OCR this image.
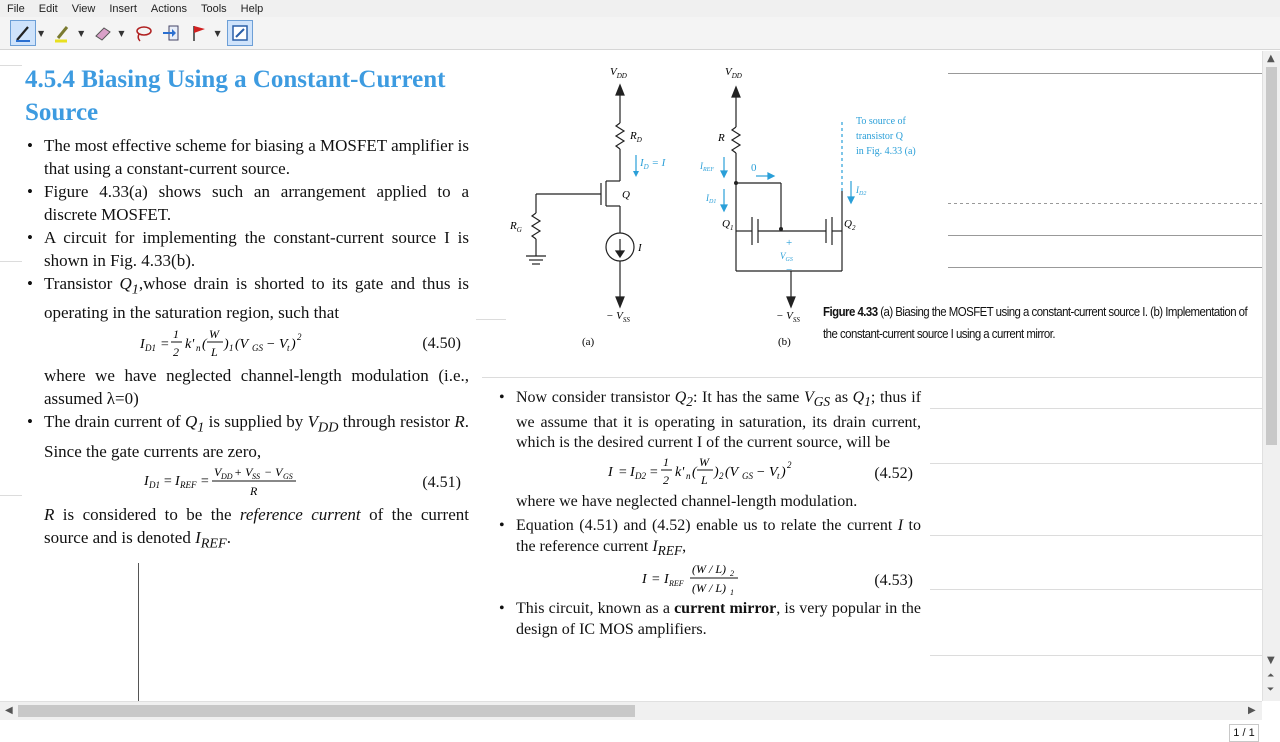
File	Edit	View	Insert	Actions	Tools	Help
▼	▼	▼	▼
4.5.4 Biasing Using a Constant-Current Source
• The most effective scheme for biasing a MOSFET amplifier is that using a constant-current source.
• Figure 4.33(a) shows such an arrangement applied to a discrete MOSFET.
• A circuit for implementing the constant-current source I is shown in Fig. 4.33(b).
• Transistor $Q_1,whose$ drain is shorted to its gate and thus is operating in the saturation region, such that
I D1 =
1
2 k' n (
W
L ) 1 (V GS − V t ) 2	(4.50)
where we have neglected channel-length modulation (i.e., assumed λ=0)
• The drain current of $Q_1$ is supplied by $V_{DD}$ through resistor R. Since the gate currents are zero,
I D1 = I REF =
V DD + V SS − V GS
R	(4.51)
R is considered to be the reference current of the current source and is denoted $I_{REF}$.
$V_{DD}$
$R_D$
$I_D = I$
Q
$R_G$
I
− $V_{SS}$
(a)
$V_{DD}$
R
$I_{REF}$	0
$I_{D1}$
$I_{D2}$
$Q_1$	$Q_2$
+
$V_{GS}$
−
− $V_{SS}$
(b)
To source of
transistor Q
in Fig. 4.33 (a)
Figure 4.33 (a) Biasing the MOSFET using a constant-current source I. (b) Implementation of the constant-current source I using a current mirror.
• Now consider transistor $Q_2$: It has the same $V_{GS}$ as $Q_1$; thus if we assume that it is operating in saturation, its drain current, which is the desired current I of the current source, will be
I = I D2 =
1
2 k' n (
W
L ) 2 (V GS − V t ) 2	(4.52)
where we have neglected channel-length modulation.
• Equation (4.51) and (4.52) enable us to relate the current I to the reference current $I_{REF}$,
I = I REF
(W / L) 2
(W / L) 1
(4.53)
• This circuit, known as a current mirror, is very popular in the design of IC MOS amplifiers.
1 / 1
▲
▼
⏶
⏷
◀	▶
